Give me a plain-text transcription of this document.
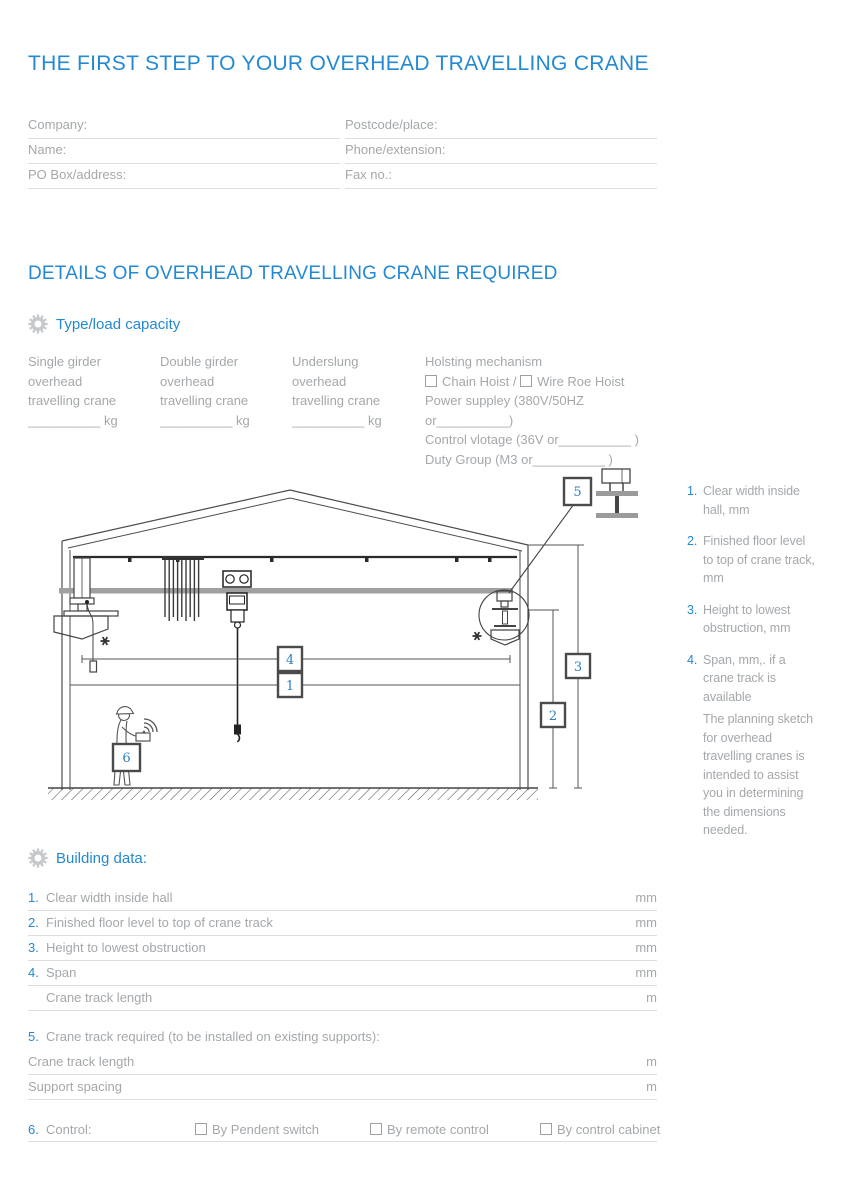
THE FIRST STEP TO YOUR OVERHEAD TRAVELLING CRANE
Company:
Name:
PO Box/address:
Postcode/place:
Phone/extension:
Fax no.:
DETAILS OF OVERHEAD TRAVELLING CRANE REQUIRED
Type/load capacity
Single girder
overhead
travelling crane
__________ kg
Double girder
overhead
travelling crane
__________ kg
Underslung
overhead
travelling crane
__________ kg
Holsting mechanism
Chain Hoist / Wire Roe Hoist
Power suppley (380V/50HZ or__________)
Control vlotage (36V or__________ )
Duty Group (M3 or__________ )
5
4
1
3
2
6
1. Clear width inside hall, mm
2. Finished floor level to top of crane track, mm
3. Height to lowest obstruction, mm
4. Span, mm,. if a crane track is available
The planning sketch for overhead travelling cranes is intended to assist you in determining the dimensions needed.
Building data:
1. Clear width inside hall	mm
2. Finished floor level to top of crane track	mm
3. Height to lowest obstruction	mm
4. Span	mm
Crane track length	m
5. Crane track required (to be installed on existing supports):
Crane track length	m
Support spacing	m
6. Control:	By Pendent switch	By remote control	By control cabinet
